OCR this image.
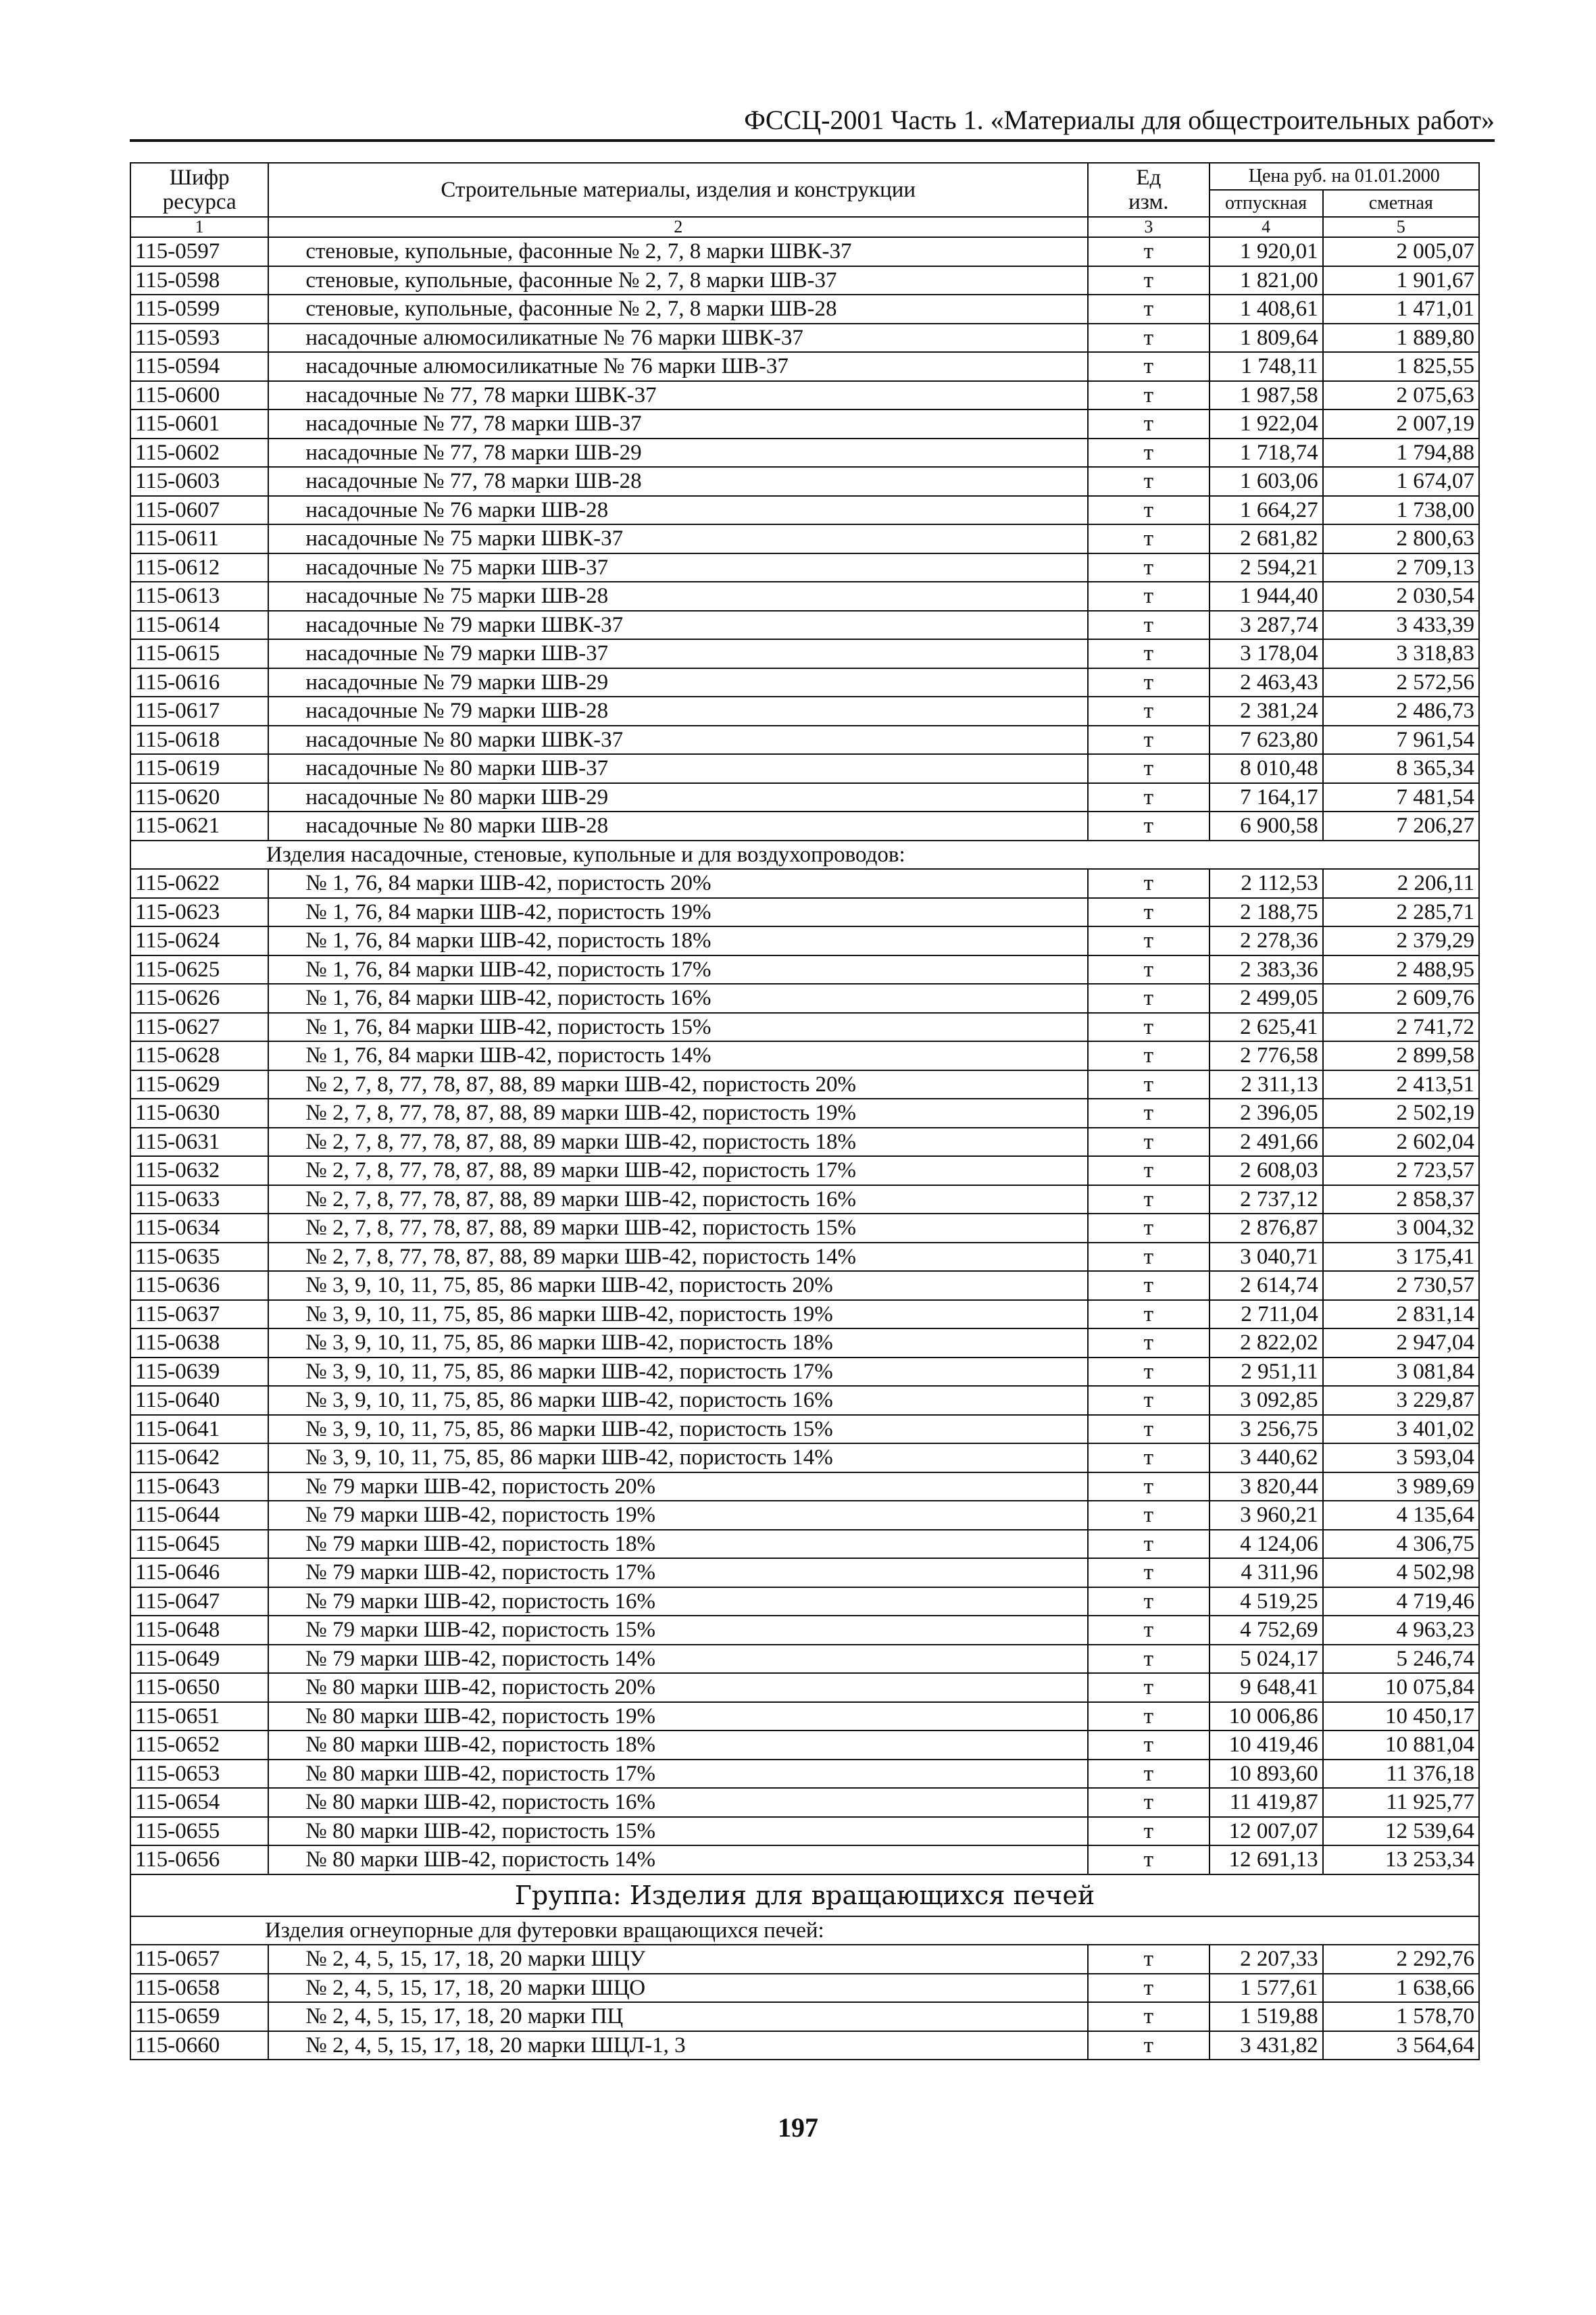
ФССЦ-2001 Часть 1. «Материалы для общестроительных работ»
Шифр ресурса	Строительные материалы, изделия и конструкции	Ед изм.	Цена руб. на 01.01.2000	
			отпускная	сметная
1	2	3	4	5
115-0597	стеновые, купольные, фасонные № 2, 7, 8 марки ШВК-37	т	1 920,01	2 005,07
115-0598	стеновые, купольные, фасонные № 2, 7, 8 марки ШВ-37	т	1 821,00	1 901,67
115-0599	стеновые, купольные, фасонные № 2, 7, 8 марки ШВ-28	т	1 408,61	1 471,01
115-0593	насадочные алюмосиликатные № 76 марки ШВК-37	т	1 809,64	1 889,80
115-0594	насадочные алюмосиликатные № 76 марки ШВ-37	т	1 748,11	1 825,55
115-0600	насадочные № 77, 78 марки ШВК-37	т	1 987,58	2 075,63
115-0601	насадочные № 77, 78 марки ШВ-37	т	1 922,04	2 007,19
115-0602	насадочные № 77, 78 марки ШВ-29	т	1 718,74	1 794,88
115-0603	насадочные № 77, 78 марки ШВ-28	т	1 603,06	1 674,07
115-0607	насадочные № 76 марки ШВ-28	т	1 664,27	1 738,00
115-0611	насадочные № 75 марки ШВК-37	т	2 681,82	2 800,63
115-0612	насадочные № 75 марки ШВ-37	т	2 594,21	2 709,13
115-0613	насадочные № 75 марки ШВ-28	т	1 944,40	2 030,54
115-0614	насадочные № 79 марки ШВК-37	т	3 287,74	3 433,39
115-0615	насадочные № 79 марки ШВ-37	т	3 178,04	3 318,83
115-0616	насадочные № 79 марки ШВ-29	т	2 463,43	2 572,56
115-0617	насадочные № 79 марки ШВ-28	т	2 381,24	2 486,73
115-0618	насадочные № 80 марки ШВК-37	т	7 623,80	7 961,54
115-0619	насадочные № 80 марки ШВ-37	т	8 010,48	8 365,34
115-0620	насадочные № 80 марки ШВ-29	т	7 164,17	7 481,54
115-0621	насадочные № 80 марки ШВ-28	т	6 900,58	7 206,27
Изделия насадочные, стеновые, купольные и для воздухопроводов:				
115-0622	№ 1, 76, 84 марки ШВ-42, пористость 20%	т	2 112,53	2 206,11
115-0623	№ 1, 76, 84 марки ШВ-42, пористость 19%	т	2 188,75	2 285,71
115-0624	№ 1, 76, 84 марки ШВ-42, пористость 18%	т	2 278,36	2 379,29
115-0625	№ 1, 76, 84 марки ШВ-42, пористость 17%	т	2 383,36	2 488,95
115-0626	№ 1, 76, 84 марки ШВ-42, пористость 16%	т	2 499,05	2 609,76
115-0627	№ 1, 76, 84 марки ШВ-42, пористость 15%	т	2 625,41	2 741,72
115-0628	№ 1, 76, 84 марки ШВ-42, пористость 14%	т	2 776,58	2 899,58
115-0629	№ 2, 7, 8, 77, 78, 87, 88, 89 марки ШВ-42, пористость 20%	т	2 311,13	2 413,51
115-0630	№ 2, 7, 8, 77, 78, 87, 88, 89 марки ШВ-42, пористость 19%	т	2 396,05	2 502,19
115-0631	№ 2, 7, 8, 77, 78, 87, 88, 89 марки ШВ-42, пористость 18%	т	2 491,66	2 602,04
115-0632	№ 2, 7, 8, 77, 78, 87, 88, 89 марки ШВ-42, пористость 17%	т	2 608,03	2 723,57
115-0633	№ 2, 7, 8, 77, 78, 87, 88, 89 марки ШВ-42, пористость 16%	т	2 737,12	2 858,37
115-0634	№ 2, 7, 8, 77, 78, 87, 88, 89 марки ШВ-42, пористость 15%	т	2 876,87	3 004,32
115-0635	№ 2, 7, 8, 77, 78, 87, 88, 89 марки ШВ-42, пористость 14%	т	3 040,71	3 175,41
115-0636	№ 3, 9, 10, 11, 75, 85, 86 марки ШВ-42, пористость 20%	т	2 614,74	2 730,57
115-0637	№ 3, 9, 10, 11, 75, 85, 86 марки ШВ-42, пористость 19%	т	2 711,04	2 831,14
115-0638	№ 3, 9, 10, 11, 75, 85, 86 марки ШВ-42, пористость 18%	т	2 822,02	2 947,04
115-0639	№ 3, 9, 10, 11, 75, 85, 86 марки ШВ-42, пористость 17%	т	2 951,11	3 081,84
115-0640	№ 3, 9, 10, 11, 75, 85, 86 марки ШВ-42, пористость 16%	т	3 092,85	3 229,87
115-0641	№ 3, 9, 10, 11, 75, 85, 86 марки ШВ-42, пористость 15%	т	3 256,75	3 401,02
115-0642	№ 3, 9, 10, 11, 75, 85, 86 марки ШВ-42, пористость 14%	т	3 440,62	3 593,04
115-0643	№ 79 марки ШВ-42, пористость 20%	т	3 820,44	3 989,69
115-0644	№ 79 марки ШВ-42, пористость 19%	т	3 960,21	4 135,64
115-0645	№ 79 марки ШВ-42, пористость 18%	т	4 124,06	4 306,75
115-0646	№ 79 марки ШВ-42, пористость 17%	т	4 311,96	4 502,98
115-0647	№ 79 марки ШВ-42, пористость 16%	т	4 519,25	4 719,46
115-0648	№ 79 марки ШВ-42, пористость 15%	т	4 752,69	4 963,23
115-0649	№ 79 марки ШВ-42, пористость 14%	т	5 024,17	5 246,74
115-0650	№ 80 марки ШВ-42, пористость 20%	т	9 648,41	10 075,84
115-0651	№ 80 марки ШВ-42, пористость 19%	т	10 006,86	10 450,17
115-0652	№ 80 марки ШВ-42, пористость 18%	т	10 419,46	10 881,04
115-0653	№ 80 марки ШВ-42, пористость 17%	т	10 893,60	11 376,18
115-0654	№ 80 марки ШВ-42, пористость 16%	т	11 419,87	11 925,77
115-0655	№ 80 марки ШВ-42, пористость 15%	т	12 007,07	12 539,64
115-0656	№ 80 марки ШВ-42, пористость 14%	т	12 691,13	13 253,34
Группа: Изделия для вращающихся печей				
Изделия огнеупорные для футеровки вращающихся печей:				
115-0657	№ 2, 4, 5, 15, 17, 18, 20 марки ШЦУ	т	2 207,33	2 292,76
115-0658	№ 2, 4, 5, 15, 17, 18, 20 марки ШЦО	т	1 577,61	1 638,66
115-0659	№ 2, 4, 5, 15, 17, 18, 20 марки ПЦ	т	1 519,88	1 578,70
115-0660	№ 2, 4, 5, 15, 17, 18, 20 марки ШЦЛ-1, 3	т	3 431,82	3 564,64
197
